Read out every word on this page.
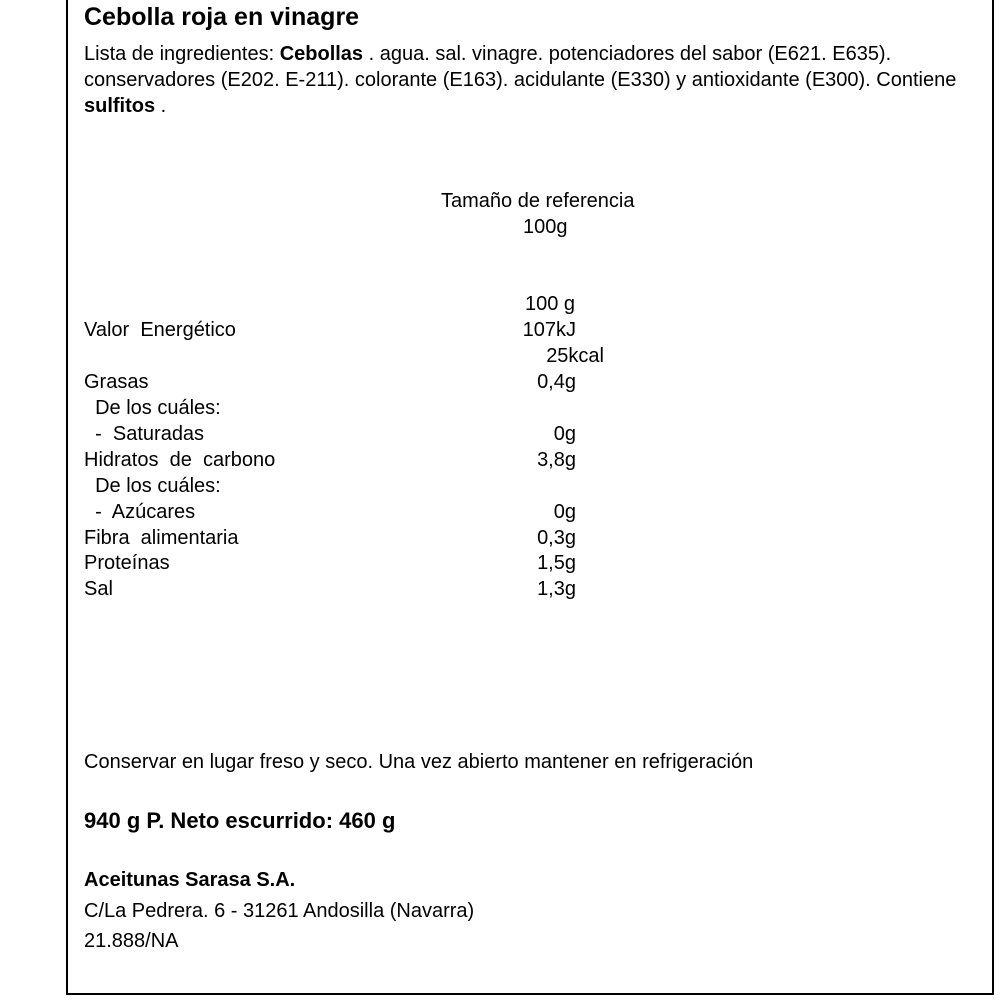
Cebolla roja en vinagre
Lista de ingredientes: Cebollas . agua. sal. vinagre. potenciadores del sabor (E621. E635). conservadores (E202. E-211). colorante (E163). acidulante (E330) y antioxidante (E300). Contiene sulfitos .
Tamaño de referencia
100g
100 g
Valor  Energético	107kJ
25kcal
Grasas	0,4g
De los cuáles:
-  Saturadas	0g
Hidratos  de  carbono	3,8g
De los cuáles:
-  Azúcares	0g
Fibra  alimentaria	0,3g
Proteínas	1,5g
Sal	1,3g
Conservar en lugar freso y seco. Una vez abierto mantener en refrigeración
940 g P. Neto escurrido: 460 g
Aceitunas Sarasa S.A.
C/La Pedrera. 6 - 31261 Andosilla (Navarra)
21.888/NA
